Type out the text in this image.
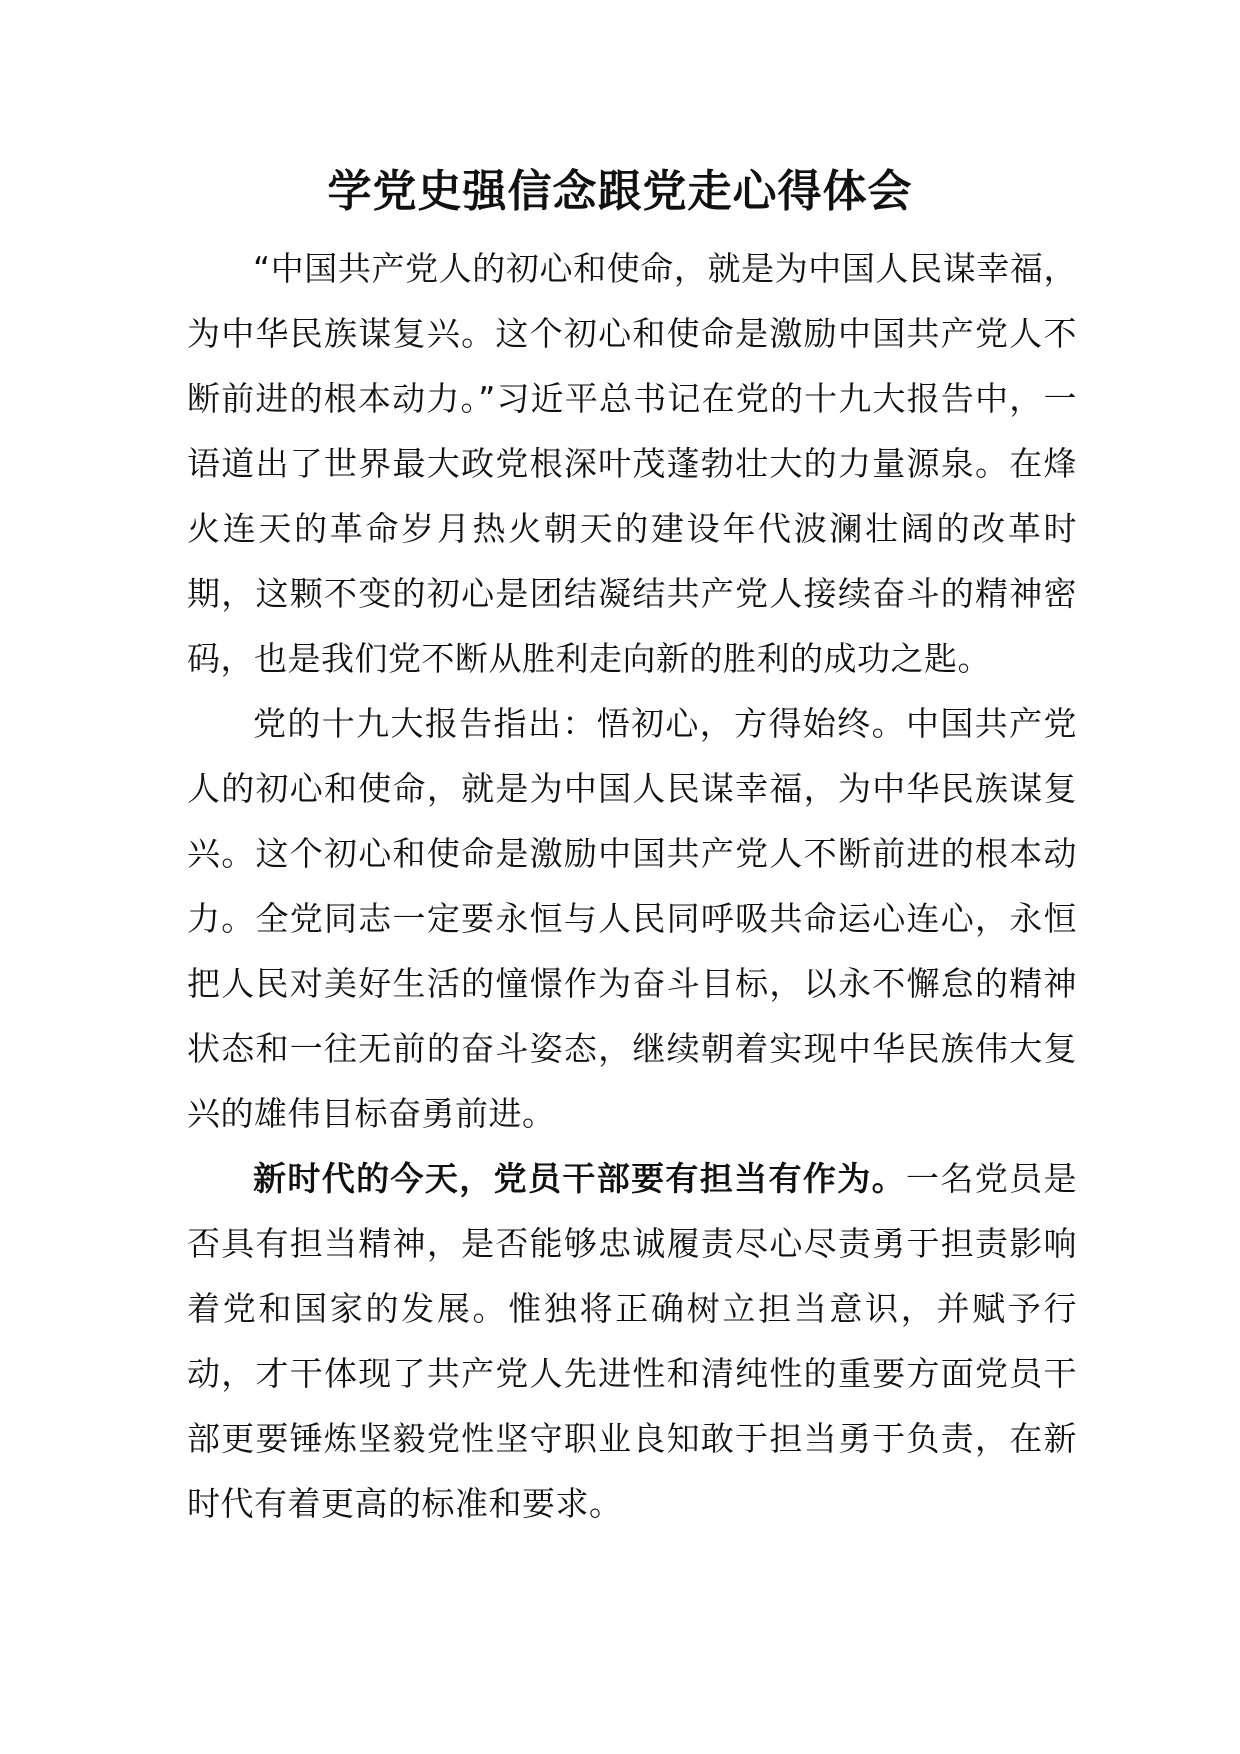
学党史强信念跟党走心得体会

“中国共产党人的初心和使命，就是为中国人民谋幸福，为中华民族谋复兴。这个初心和使命是激励中国共产党人不断前进的根本动力。”习近平总书记在党的十九大报告中，一语道出了世界最大政党根深叶茂蓬勃壮大的力量源泉。在烽火连天的革命岁月热火朝天的建设年代波澜壮阔的改革时期，这颗不变的初心是团结凝结共产党人接续奋斗的精神密码，也是我们党不断从胜利走向新的胜利的成功之匙。

党的十九大报告指出：悟初心，方得始终。中国共产党人的初心和使命，就是为中国人民谋幸福，为中华民族谋复兴。这个初心和使命是激励中国共产党人不断前进的根本动力。全党同志一定要永恒与人民同呼吸共命运心连心，永恒把人民对美好生活的憧憬作为奋斗目标，以永不懈怠的精神状态和一往无前的奋斗姿态，继续朝着实现中华民族伟大复兴的雄伟目标奋勇前进。

新时代的今天，党员干部要有担当有作为。一名党员是否具有担当精神，是否能够忠诚履责尽心尽责勇于担责影响着党和国家的发展。惟独将正确树立担当意识，并赋予行动，才干体现了共产党人先进性和清纯性的重要方面党员干部更要锤炼坚毅党性坚守职业良知敢于担当勇于负责，在新时代有着更高的标准和要求。
